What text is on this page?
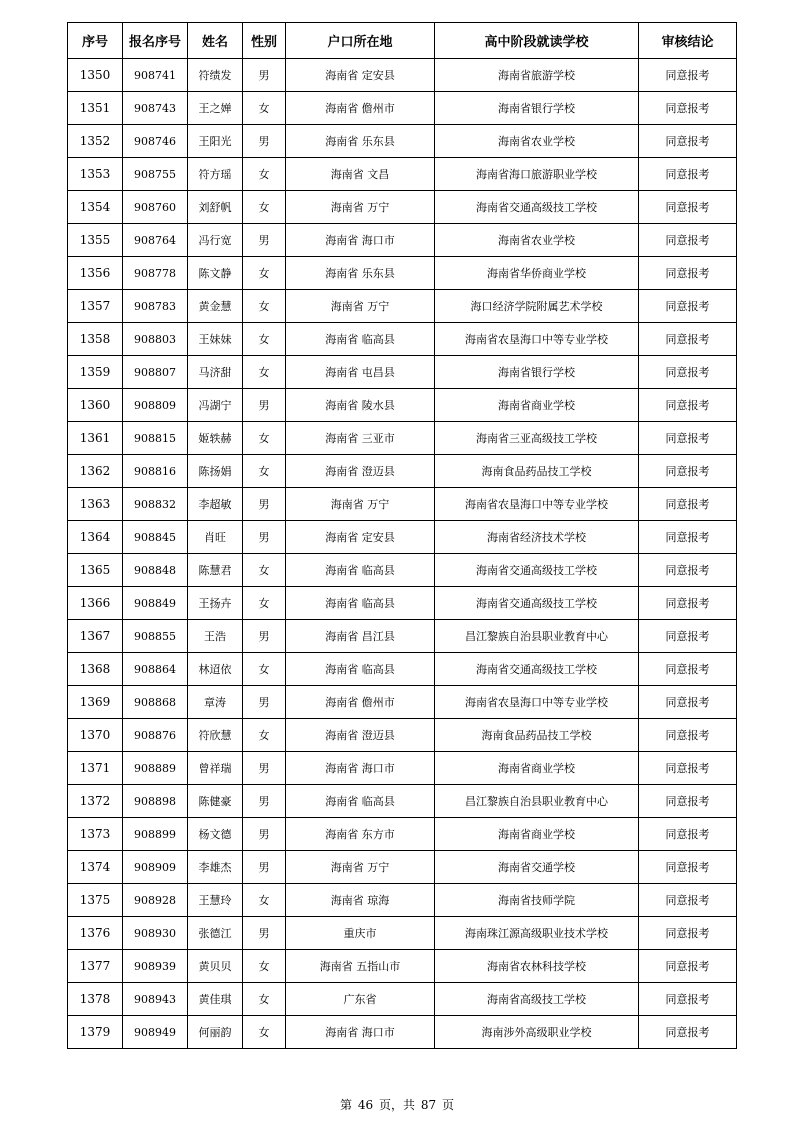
序号	报名序号	姓名	性别	户口所在地	高中阶段就读学校	审核结论
1350	908741	符绩发	男	海南省 定安县	海南省旅游学校	同意报考
1351	908743	王之婵	女	海南省 儋州市	海南省银行学校	同意报考
1352	908746	王阳光	男	海南省 乐东县	海南省农业学校	同意报考
1353	908755	符方瑶	女	海南省 文昌	海南省海口旅游职业学校	同意报考
1354	908760	刘舒帆	女	海南省 万宁	海南省交通高级技工学校	同意报考
1355	908764	冯行宽	男	海南省 海口市	海南省农业学校	同意报考
1356	908778	陈文静	女	海南省 乐东县	海南省华侨商业学校	同意报考
1357	908783	黄金慧	女	海南省 万宁	海口经济学院附属艺术学校	同意报考
1358	908803	王妹妹	女	海南省 临高县	海南省农垦海口中等专业学校	同意报考
1359	908807	马济甜	女	海南省 屯昌县	海南省银行学校	同意报考
1360	908809	冯湖宁	男	海南省 陵水县	海南省商业学校	同意报考
1361	908815	姬轶赫	女	海南省 三亚市	海南省三亚高级技工学校	同意报考
1362	908816	陈扬娟	女	海南省 澄迈县	海南食品药品技工学校	同意报考
1363	908832	李超敏	男	海南省 万宁	海南省农垦海口中等专业学校	同意报考
1364	908845	肖旺	男	海南省 定安县	海南省经济技术学校	同意报考
1365	908848	陈慧君	女	海南省 临高县	海南省交通高级技工学校	同意报考
1366	908849	王扬卉	女	海南省 临高县	海南省交通高级技工学校	同意报考
1367	908855	王浩	男	海南省 昌江县	昌江黎族自治县职业教育中心	同意报考
1368	908864	林迢依	女	海南省 临高县	海南省交通高级技工学校	同意报考
1369	908868	章涛	男	海南省 儋州市	海南省农垦海口中等专业学校	同意报考
1370	908876	符欣慧	女	海南省 澄迈县	海南食品药品技工学校	同意报考
1371	908889	曾祥瑞	男	海南省 海口市	海南省商业学校	同意报考
1372	908898	陈健豪	男	海南省 临高县	昌江黎族自治县职业教育中心	同意报考
1373	908899	杨文德	男	海南省 东方市	海南省商业学校	同意报考
1374	908909	李雄杰	男	海南省 万宁	海南省交通学校	同意报考
1375	908928	王慧玲	女	海南省 琼海	海南省技师学院	同意报考
1376	908930	张德江	男	重庆市	海南珠江源高级职业技术学校	同意报考
1377	908939	黄贝贝	女	海南省 五指山市	海南省农林科技学校	同意报考
1378	908943	黄佳琪	女	广东省	海南省高级技工学校	同意报考
1379	908949	何丽韵	女	海南省 海口市	海南涉外高级职业学校	同意报考
第 46 页，共 87 页
